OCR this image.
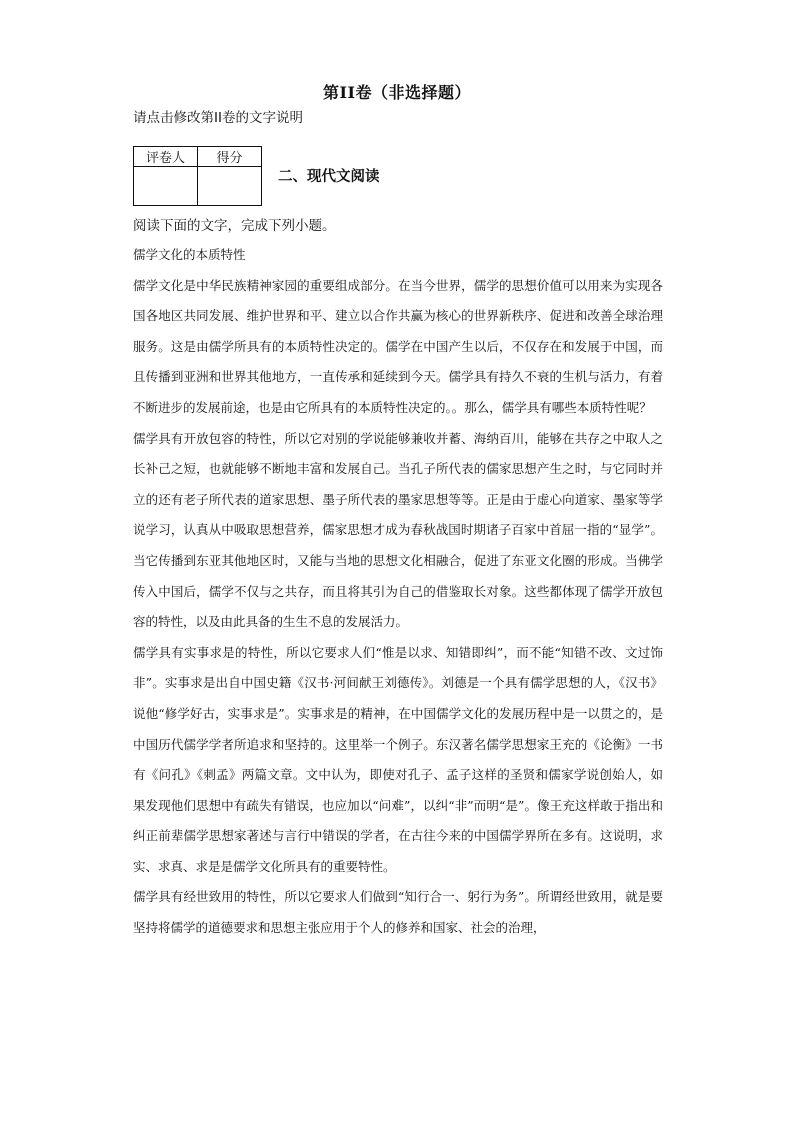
第II卷（非选择题）
请点击修改第II卷的文字说明
评卷人	得分

二、现代文阅读
阅读下面的文字，完成下列小题。

儒学文化的本质特性

儒学文化是中华民族精神家园的重要组成部分。在当今世界，儒学的思想价值可以用来为实现各国各地区共同发展、维护世界和平、建立以合作共赢为核心的世界新秩序、促进和改善全球治理服务。这是由儒学所具有的本质特性决定的。儒学在中国产生以后，不仅存在和发展于中国，而且传播到亚洲和世界其他地方，一直传承和延续到今天。儒学具有持久不衰的生机与活力，有着不断进步的发展前途，也是由它所具有的本质特性决定的。。那么，儒学具有哪些本质特性呢？

儒学具有开放包容的特性，所以它对别的学说能够兼收并蓄、海纳百川，能够在共存之中取人之长补己之短，也就能够不断地丰富和发展自己。当孔子所代表的儒家思想产生之时，与它同时并立的还有老子所代表的道家思想、墨子所代表的墨家思想等等。正是由于虚心向道家、墨家等学说学习，认真从中吸取思想营养，儒家思想才成为春秋战国时期诸子百家中首屈一指的“显学”。当它传播到东亚其他地区时，又能与当地的思想文化相融合，促进了东亚文化圈的形成。当佛学传入中国后，儒学不仅与之共存，而且将其引为自己的借鉴取长对象。这些都体现了儒学开放包容的特性，以及由此具备的生生不息的发展活力。

儒学具有实事求是的特性，所以它要求人们“惟是以求、知错即纠”，而不能“知错不改、文过饰非”。实事求是出自中国史籍《汉书·河间献王刘德传》。刘德是一个具有儒学思想的人，《汉书》说他“修学好古，实事求是”。实事求是的精神，在中国儒学文化的发展历程中是一以贯之的，是中国历代儒学学者所追求和坚持的。这里举一个例子。东汉著名儒学思想家王充的《论衡》一书有《问孔》《刺孟》两篇文章。文中认为，即使对孔子、孟子这样的圣贤和儒家学说创始人，如果发现他们思想中有疏失有错误，也应加以“问难”，以纠“非”而明“是”。像王充这样敢于指出和纠正前辈儒学思想家著述与言行中错误的学者，在古往今来的中国儒学界所在多有。这说明，求实、求真、求是是儒学文化所具有的重要特性。

儒学具有经世致用的特性，所以它要求人们做到“知行合一、躬行为务”。所谓经世致用，就是要坚持将儒学的道德要求和思想主张应用于个人的修养和国家、社会的治理，
